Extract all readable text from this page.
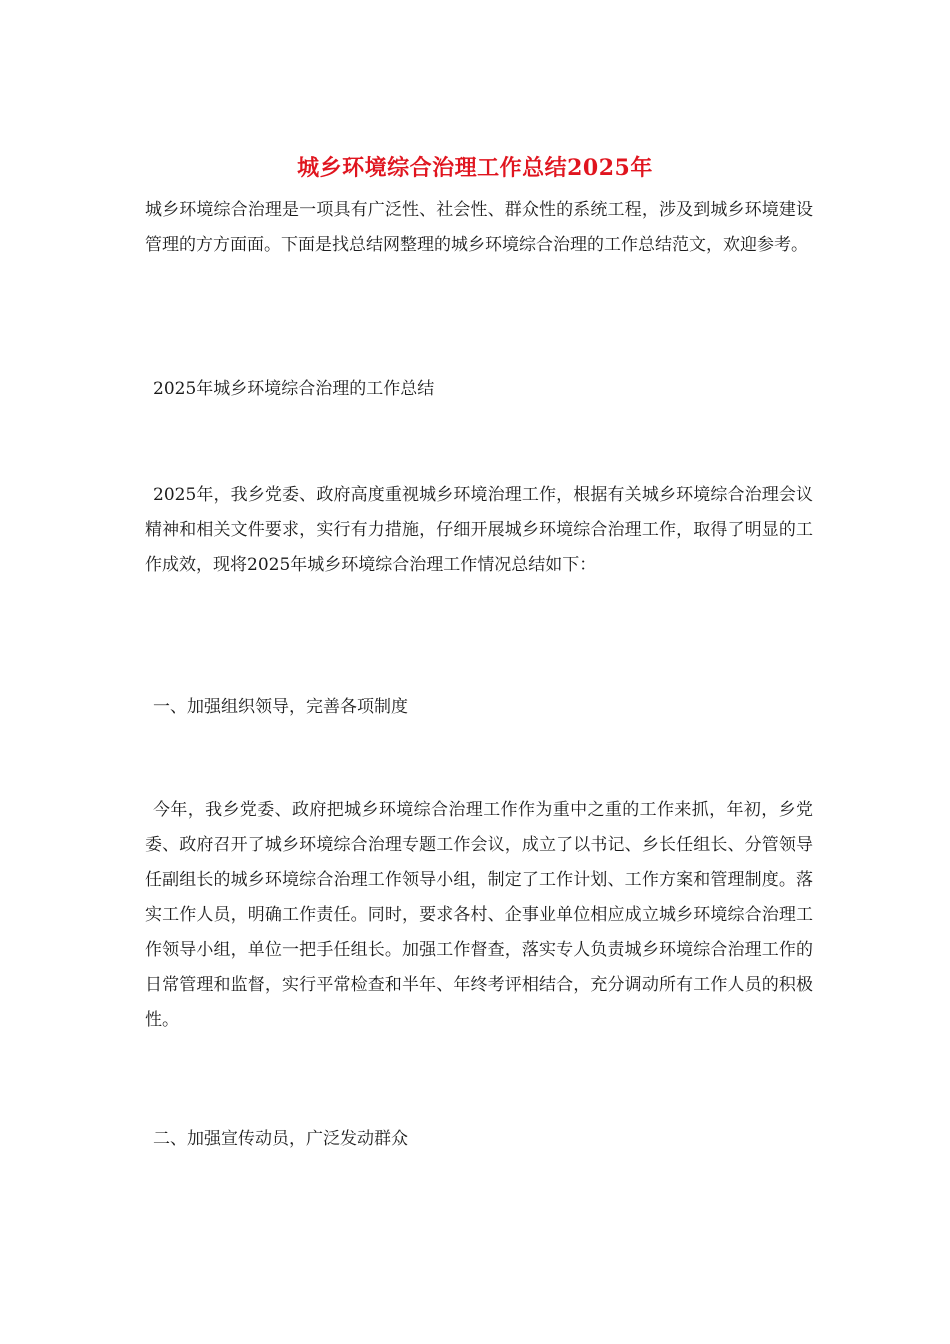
城乡环境综合治理工作总结2025年

城乡环境综合治理是一项具有广泛性、社会性、群众性的系统工程，涉及到城乡环境建设管理的方方面面。下面是找总结网整理的城乡环境综合治理的工作总结范文，欢迎参考。

2025年城乡环境综合治理的工作总结

2025年，我乡党委、政府高度重视城乡环境治理工作，根据有关城乡环境综合治理会议精神和相关文件要求，实行有力措施，仔细开展城乡环境综合治理工作，取得了明显的工作成效，现将2025年城乡环境综合治理工作情况总结如下：

一、加强组织领导，完善各项制度

今年，我乡党委、政府把城乡环境综合治理工作作为重中之重的工作来抓，年初，乡党委、政府召开了城乡环境综合治理专题工作会议，成立了以书记、乡长任组长、分管领导任副组长的城乡环境综合治理工作领导小组，制定了工作计划、工作方案和管理制度。落实工作人员，明确工作责任。同时，要求各村、企事业单位相应成立城乡环境综合治理工作领导小组，单位一把手任组长。加强工作督查，落实专人负责城乡环境综合治理工作的日常管理和监督，实行平常检查和半年、年终考评相结合，充分调动所有工作人员的积极性。

二、加强宣传动员，广泛发动群众
